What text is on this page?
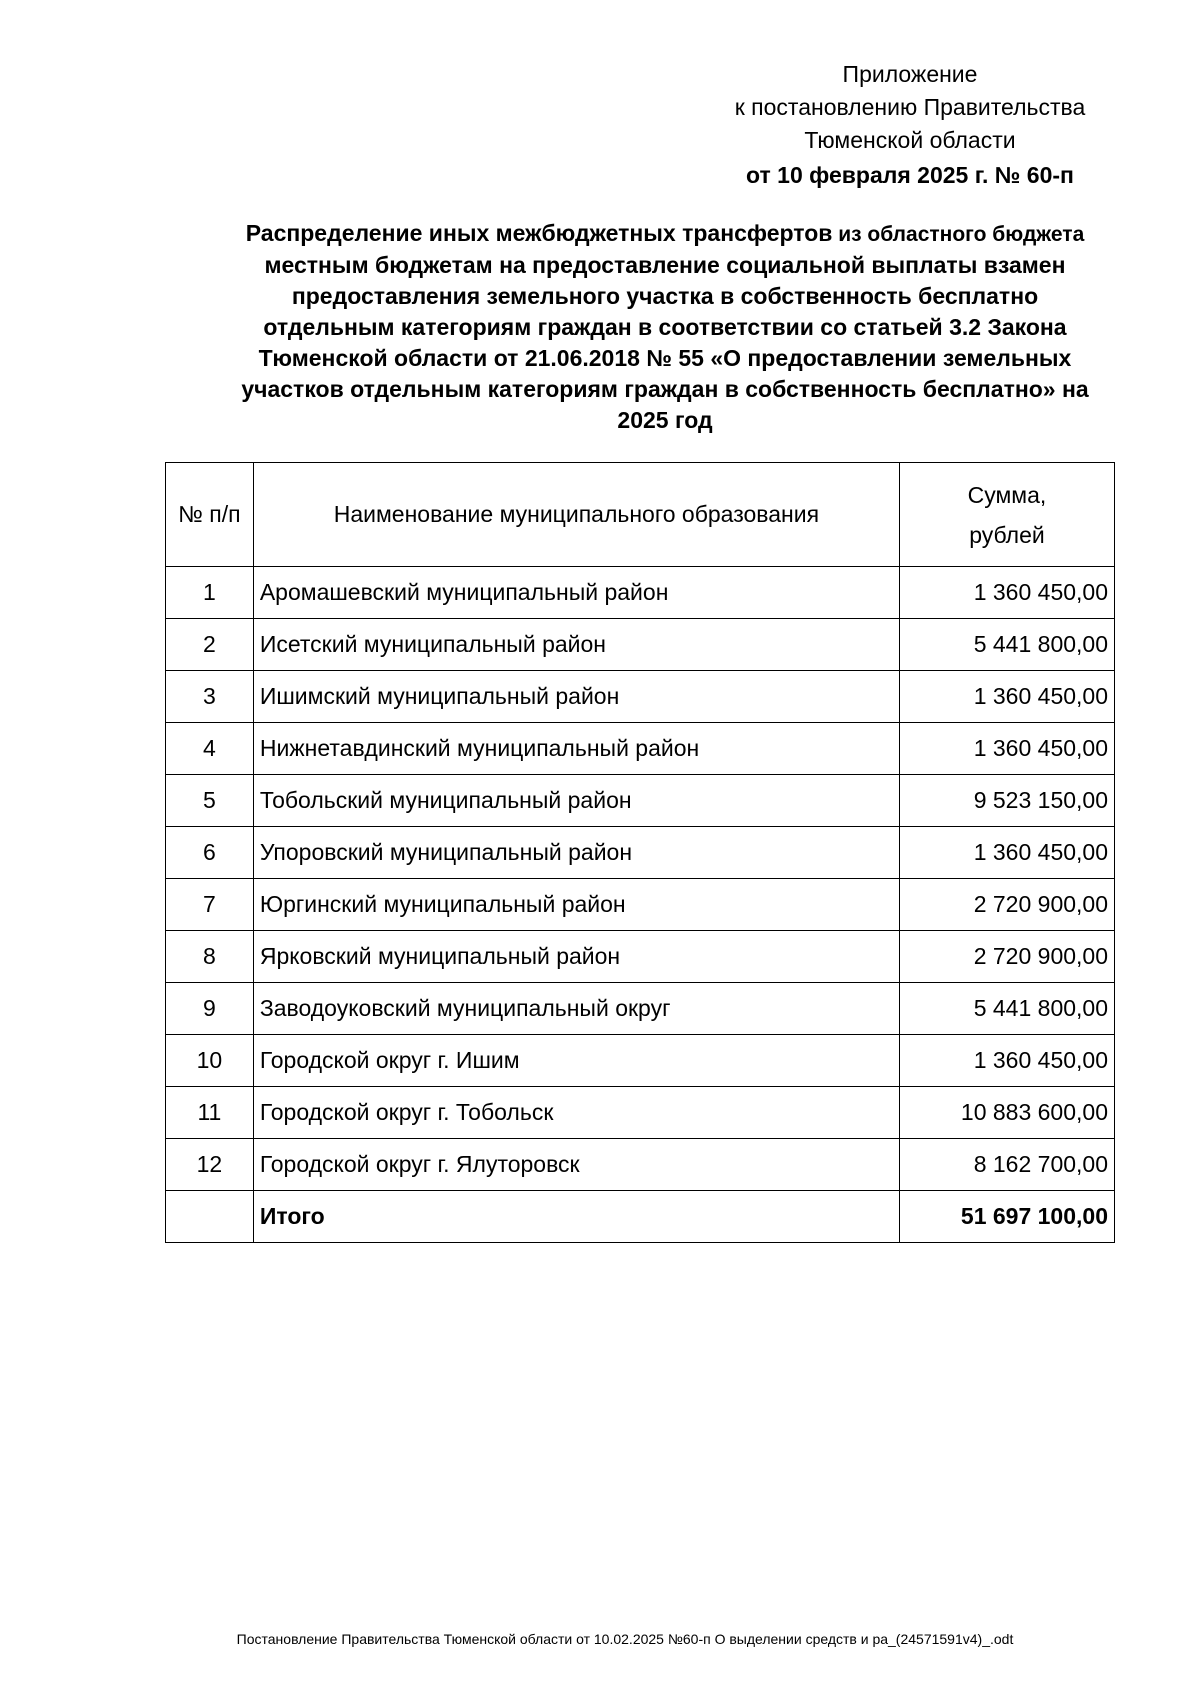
Приложение
к постановлению Правительства
Тюменской области
от 10 февраля 2025 г. № 60-п
Распределение иных межбюджетных трансфертов из областного бюджета
местным бюджетам на предоставление социальной выплаты взамен
предоставления земельного участка в собственность бесплатно
отдельным категориям граждан в соответствии со статьей 3.2 Закона
Тюменской области от 21.06.2018 № 55 «О предоставлении земельных
участков отдельным категориям граждан в собственность бесплатно» на
2025 год
№ п/п	Наименование муниципального образования	Сумма,
рублей

1	Аромашевский муниципальный район	1 360 450,00
2	Исетский муниципальный район	5 441 800,00
3	Ишимский муниципальный район	1 360 450,00
4	Нижнетавдинский муниципальный район	1 360 450,00
5	Тобольский муниципальный район	9 523 150,00
6	Упоровский муниципальный район	1 360 450,00
7	Юргинский муниципальный район	2 720 900,00
8	Ярковский муниципальный район	2 720 900,00
9	Заводоуковский муниципальный округ	5 441 800,00
10	Городской округ г. Ишим	1 360 450,00
11	Городской округ г. Тобольск	10 883 600,00
12	Городской округ г. Ялуторовск	8 162 700,00
	Итого	51 697 100,00
Постановление Правительства Тюменской области от 10.02.2025 №60-п О выделении средств и ра_(24571591v4)_.odt
